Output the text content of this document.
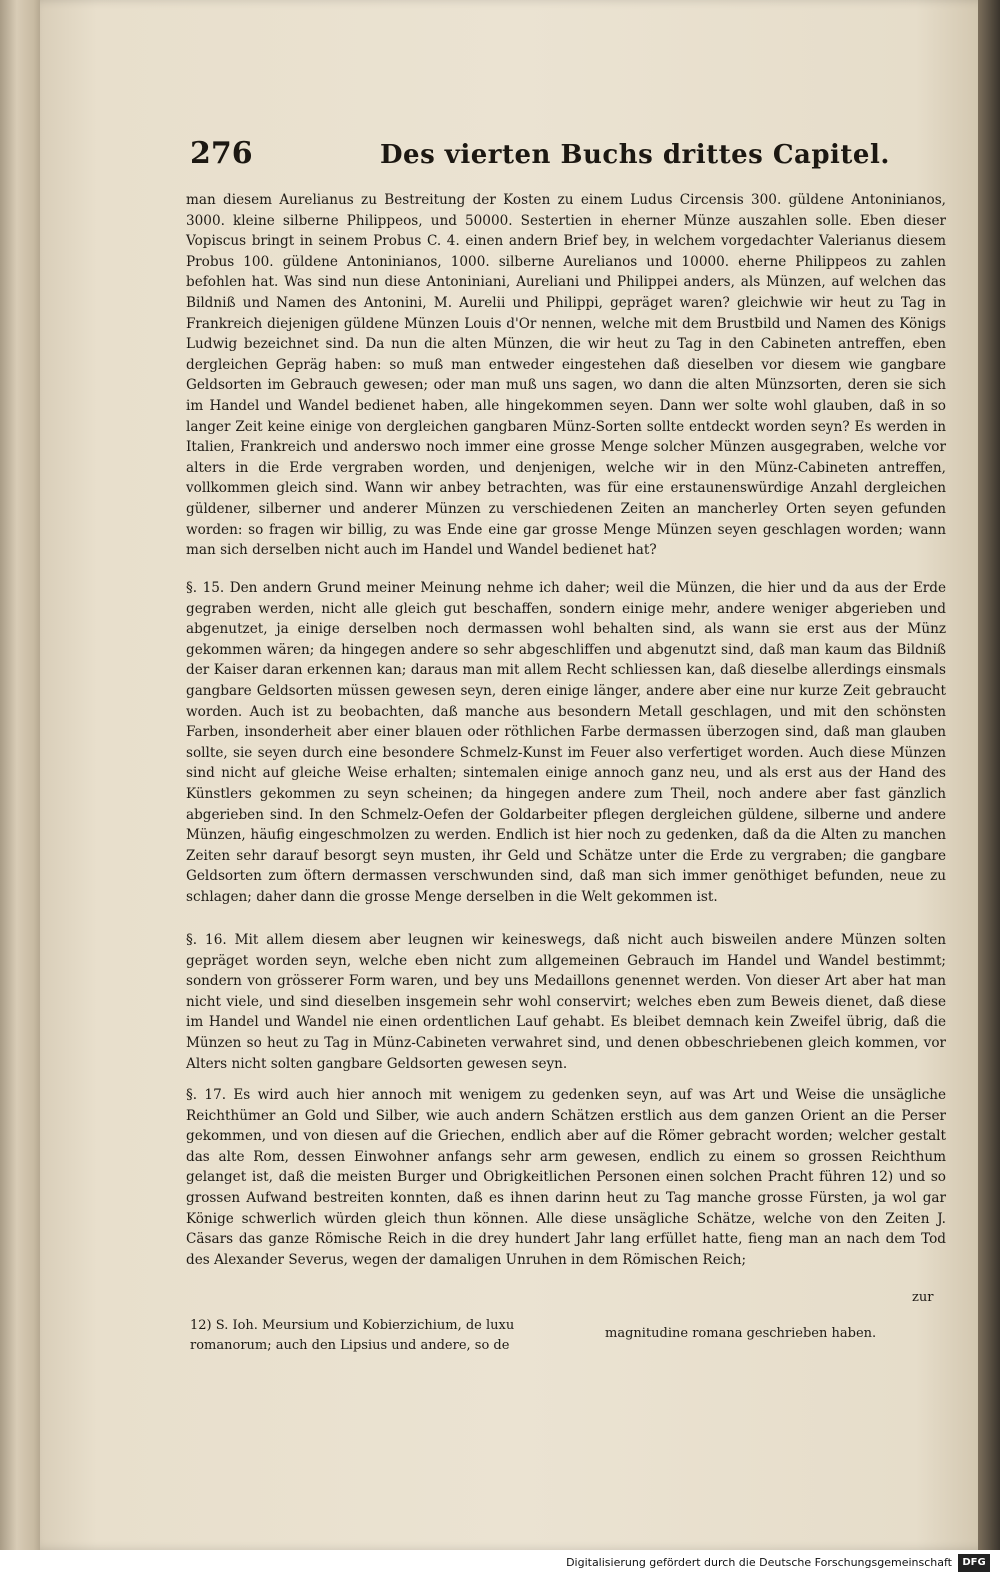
276	Des vierten Buchs drittes Capitel.

man diesem Aurelianus zu Bestreitung der Kosten zu einem Ludus Circensis 300. güldene Antoninianos, 3000. kleine silberne Philippeos, und 50000. Sestertien in eherner Münze auszahlen solle. Eben dieser Vopiscus bringt in seinem Probus C. 4. einen andern Brief bey, in welchem vorgedachter Valerianus diesem Probus 100. güldene Antoninianos, 1000. silberne Aurelianos und 10000. eherne Philippeos zu zahlen befohlen hat. Was sind nun diese Antoniniani, Aureliani und Philippei anders, als Münzen, auf welchen das Bildniß und Namen des Antonini, M. Aurelii und Philippi, gepräget waren? gleichwie wir heut zu Tag in Frankreich diejenigen güldene Münzen Louis d'Or nennen, welche mit dem Brustbild und Namen des Königs Ludwig bezeichnet sind. Da nun die alten Münzen, die wir heut zu Tag in den Cabineten antreffen, eben dergleichen Gepräg haben: so muß man entweder eingestehen daß dieselben vor diesem wie gangbare Geldsorten im Gebrauch gewesen; oder man muß uns sagen, wo dann die alten Münzsorten, deren sie sich im Handel und Wandel bedienet haben, alle hingekommen seyen. Dann wer solte wohl glauben, daß in so langer Zeit keine einige von dergleichen gangbaren Münz-Sorten sollte entdeckt worden seyn? Es werden in Italien, Frankreich und anderswo noch immer eine grosse Menge solcher Münzen ausgegraben, welche vor alters in die Erde vergraben worden, und denjenigen, welche wir in den Münz-Cabineten antreffen, vollkommen gleich sind. Wann wir anbey betrachten, was für eine erstaunenswürdige Anzahl dergleichen güldener, silberner und anderer Münzen zu verschiedenen Zeiten an mancherley Orten seyen gefunden worden: so fragen wir billig, zu was Ende eine gar grosse Menge Münzen seyen geschlagen worden; wann man sich derselben nicht auch im Handel und Wandel bedienet hat?

§. 15. Den andern Grund meiner Meinung nehme ich daher; weil die Münzen, die hier und da aus der Erde gegraben werden, nicht alle gleich gut beschaffen, sondern einige mehr, andere weniger abgerieben und abgenutzet, ja einige derselben noch dermassen wohl behalten sind, als wann sie erst aus der Münz gekommen wären; da hingegen andere so sehr abgeschliffen und abgenutzt sind, daß man kaum das Bildniß der Kaiser daran erkennen kan; daraus man mit allem Recht schliessen kan, daß dieselbe allerdings einsmals gangbare Geldsorten müssen gewesen seyn, deren einige länger, andere aber eine nur kurze Zeit gebraucht worden. Auch ist zu beobachten, daß manche aus besondern Metall geschlagen, und mit den schönsten Farben, insonderheit aber einer blauen oder röthlichen Farbe dermassen überzogen sind, daß man glauben sollte, sie seyen durch eine besondere Schmelz-Kunst im Feuer also verfertiget worden. Auch diese Münzen sind nicht auf gleiche Weise erhalten; sintemalen einige annoch ganz neu, und als erst aus der Hand des Künstlers gekommen zu seyn scheinen; da hingegen andere zum Theil, noch andere aber fast gänzlich abgerieben sind. In den Schmelz-Oefen der Goldarbeiter pflegen dergleichen güldene, silberne und andere Münzen, häufig eingeschmolzen zu werden. Endlich ist hier noch zu gedenken, daß da die Alten zu manchen Zeiten sehr darauf besorgt seyn musten, ihr Geld und Schätze unter die Erde zu vergraben; die gangbare Geldsorten zum öftern dermassen verschwunden sind, daß man sich immer genöthiget befunden, neue zu schlagen; daher dann die grosse Menge derselben in die Welt gekommen ist.

§. 16. Mit allem diesem aber leugnen wir keineswegs, daß nicht auch bisweilen andere Münzen solten gepräget worden seyn, welche eben nicht zum allgemeinen Gebrauch im Handel und Wandel bestimmt; sondern von grösserer Form waren, und bey uns Medaillons genennet werden. Von dieser Art aber hat man nicht viele, und sind dieselben insgemein sehr wohl conservirt; welches eben zum Beweis dienet, daß diese im Handel und Wandel nie einen ordentlichen Lauf gehabt. Es bleibet demnach kein Zweifel übrig, daß die Münzen so heut zu Tag in Münz-Cabineten verwahret sind, und denen obbeschriebenen gleich kommen, vor Alters nicht solten gangbare Geldsorten gewesen seyn.

§. 17. Es wird auch hier annoch mit wenigem zu gedenken seyn, auf was Art und Weise die unsägliche Reichthümer an Gold und Silber, wie auch andern Schätzen erstlich aus dem ganzen Orient an die Perser gekommen, und von diesen auf die Griechen, endlich aber auf die Römer gebracht worden; welcher gestalt das alte Rom, dessen Einwohner anfangs sehr arm gewesen, endlich zu einem so grossen Reichthum gelanget ist, daß die meisten Burger und Obrigkeitlichen Personen einen solchen Pracht führen 12) und so grossen Aufwand bestreiten konnten, daß es ihnen darinn heut zu Tag manche grosse Fürsten, ja wol gar Könige schwerlich würden gleich thun können. Alle diese unsägliche Schätze, welche von den Zeiten J. Cäsars das ganze Römische Reich in die drey hundert Jahr lang erfüllet hatte, fieng man an nach dem Tod des Alexander Severus, wegen der damaligen Unruhen in dem Römischen Reich;

zur
12) S. Ioh. Meursium und Kobierzichium, de luxu romanorum; auch den Lipsius und andere, so de
magnitudine romana geschrieben haben.
Digitalisierung gefördert durch die Deutsche Forschungsgemeinschaft	DFG
